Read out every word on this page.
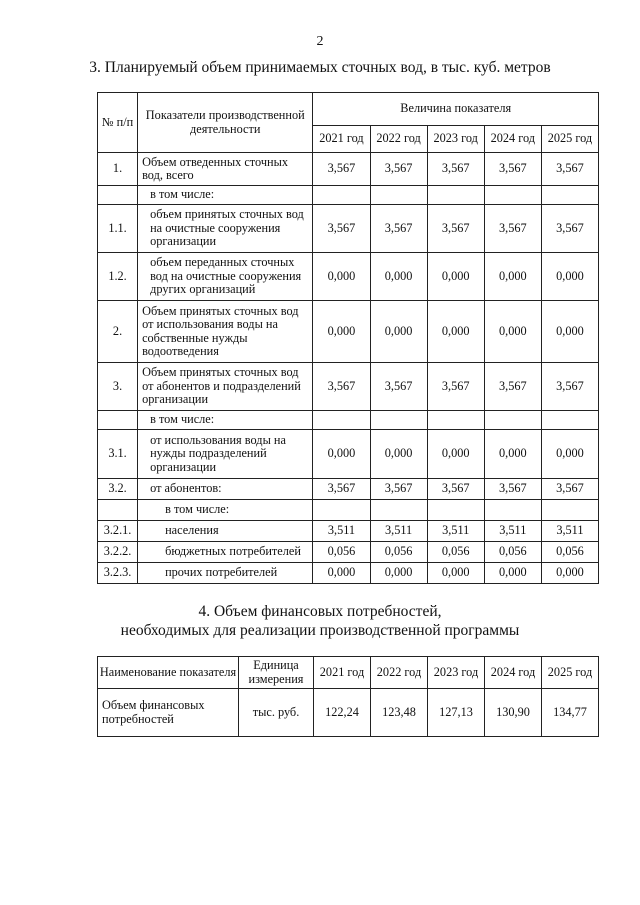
2
3. Планируемый объем принимаемых сточных вод, в тыс. куб. метров
№ п/п	Показатели производственной деятельности	Величина показателя				
		2021 год	2022 год	2023 год	2024 год	2025 год
1.	Объем отведенных сточных вод, всего	3,567	3,567	3,567	3,567	3,567
	в том числе:					
1.1.	объем принятых сточных вод на очистные сооружения организации	3,567	3,567	3,567	3,567	3,567
1.2.	объем переданных сточных вод на очистные сооружения других организаций	0,000	0,000	0,000	0,000	0,000
2.	Объем принятых сточных вод от использования воды на собственные нужды водоотведения	0,000	0,000	0,000	0,000	0,000
3.	Объем принятых сточных вод от абонентов и подразделений организации	3,567	3,567	3,567	3,567	3,567
	в том числе:					
3.1.	от использования воды на нужды подразделений организации	0,000	0,000	0,000	0,000	0,000
3.2.	от абонентов:	3,567	3,567	3,567	3,567	3,567
	в том числе:					
3.2.1.	населения	3,511	3,511	3,511	3,511	3,511
3.2.2.	бюджетных потребителей	0,056	0,056	0,056	0,056	0,056
3.2.3.	прочих потребителей	0,000	0,000	0,000	0,000	0,000
4. Объем финансовых потребностей,
необходимых для реализации производственной программы
Наименование показателя	Единица измерения	2021 год	2022 год	2023 год	2024 год	2025 год
Объем финансовых потребностей	тыс. руб.	122,24	123,48	127,13	130,90	134,77
